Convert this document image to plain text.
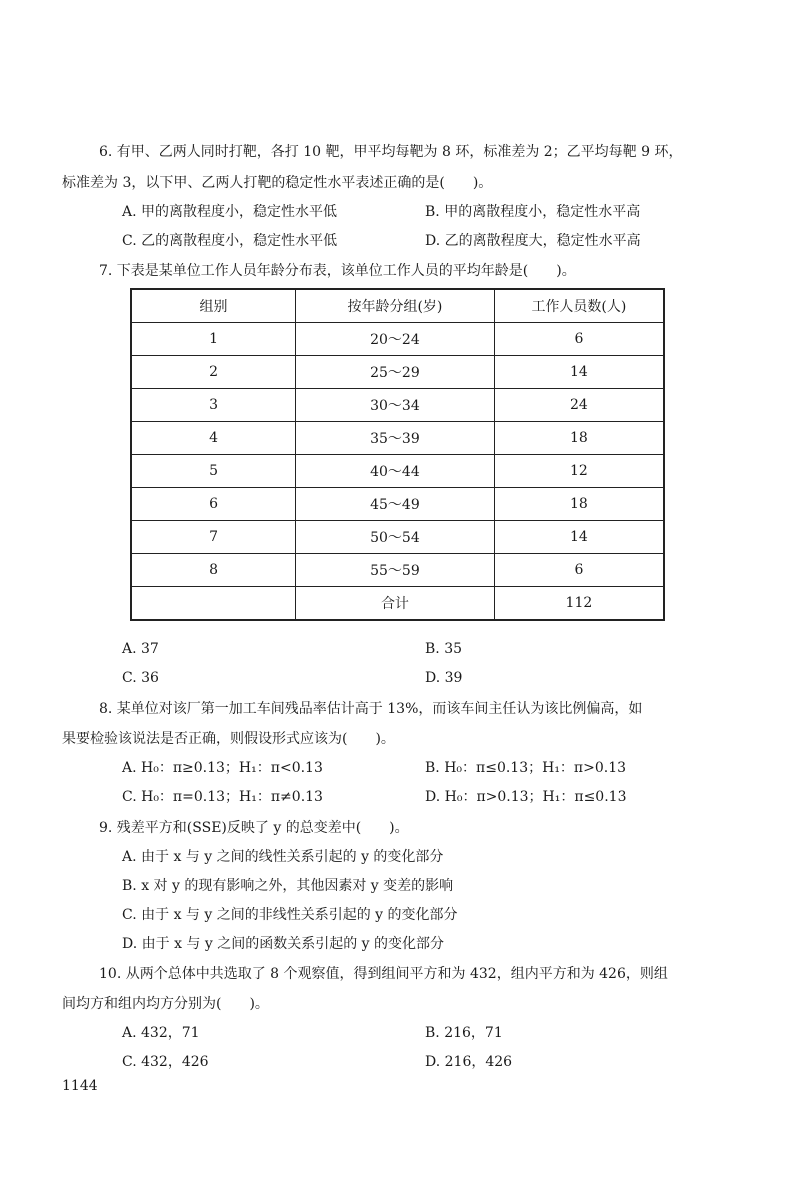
6. 有甲、乙两人同时打靶，各打 10 靶，甲平均每靶为 8 环，标准差为 2；乙平均每靶 9 环，
标准差为 3，以下甲、乙两人打靶的稳定性水平表述正确的是(　　)。
A. 甲的离散程度小，稳定性水平低	B. 甲的离散程度小，稳定性水平高
C. 乙的离散程度小，稳定性水平低	D. 乙的离散程度大，稳定性水平高
7. 下表是某单位工作人员年龄分布表，该单位工作人员的平均年龄是(　　)。
组别	按年龄分组(岁)	工作人员数(人)
1	20～24	6
2	25～29	14
3	30～34	24
4	35～39	18
5	40～44	12
6	45～49	18
7	50～54	14
8	55～59	6
	合计	112
A. 37	B. 35
C. 36	D. 39
8. 某单位对该厂第一加工车间残品率估计高于 13%，而该车间主任认为该比例偏高，如
果要检验该说法是否正确，则假设形式应该为(　　)。
A. H₀：π≥0.13；H₁：π<0.13	B. H₀：π≤0.13；H₁：π>0.13
C. H₀：π=0.13；H₁：π≠0.13	D. H₀：π>0.13；H₁：π≤0.13
9. 残差平方和(SSE)反映了 y 的总变差中(　　)。
A. 由于 x 与 y 之间的线性关系引起的 y 的变化部分
B. x 对 y 的现有影响之外，其他因素对 y 变差的影响
C. 由于 x 与 y 之间的非线性关系引起的 y 的变化部分
D. 由于 x 与 y 之间的函数关系引起的 y 的变化部分
10. 从两个总体中共选取了 8 个观察值，得到组间平方和为 432，组内平方和为 426，则组
间均方和组内均方分别为(　　)。
A. 432，71	B. 216，71
C. 432，426	D. 216，426
1144
